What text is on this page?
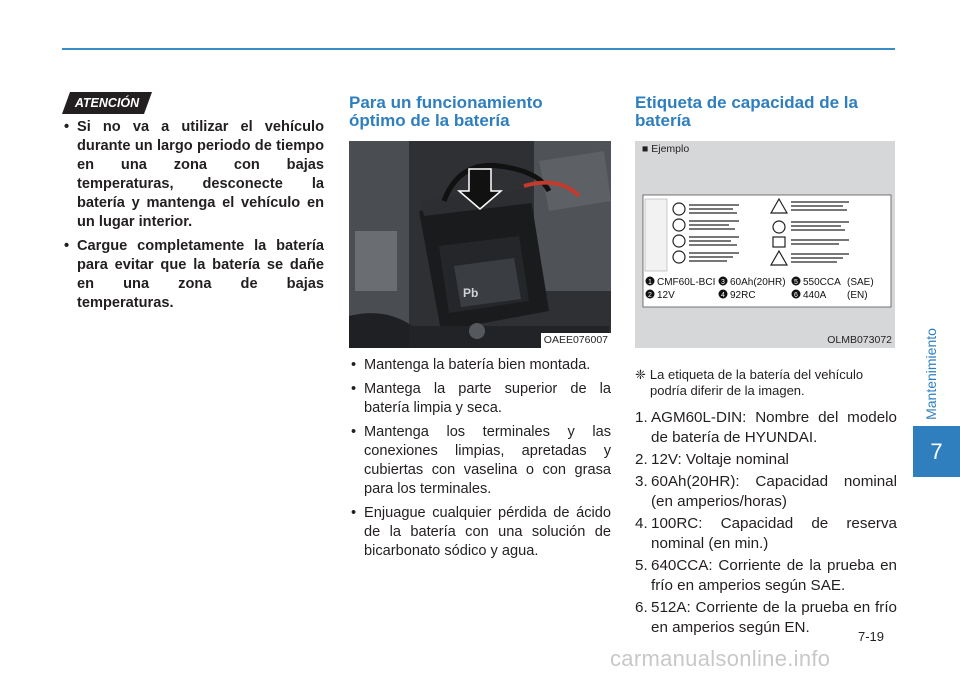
Mantenimiento
7
ATENCIÓN
• Si no va a utilizar el vehículo durante un largo periodo de tiempo en una zona con bajas temperaturas, desconecte la batería y mantenga el vehículo en un lugar interior.
• Cargue completamente la batería para evitar que la batería se dañe en una zona de bajas temperaturas.
Para un funcionamiento
óptimo de la batería
Pb
OAEE076007
• Mantenga la batería bien montada.
• Mantega la parte superior de la batería limpia y seca.
• Mantenga los terminales y las conexiones limpias, apretadas y cubiertas con vaselina o con grasa para los terminales.
• Enjuague cualquier pérdida de ácido de la batería con una solución de bicarbonato sódico y agua.
Etiqueta de capacidad de la
batería
■ Ejemplo
1 CMF60L-BCI 3 60Ah(20HR) 5 550CCA (SAE)
2 12V	4 92RC	6 440A (EN)
OLMB073072
❈ La etiqueta de la batería del vehículo
podría diferir de la imagen.
1. AGM60L-DIN: Nombre del modelo de batería de HYUNDAI.
2. 12V: Voltaje nominal
3. 60Ah(20HR): Capacidad nominal (en amperios/horas)
4. 100RC: Capacidad de reserva nominal (en min.)
5. 640CCA: Corriente de la prueba en frío en amperios según SAE.
6. 512A: Corriente de la prueba en frío en amperios según EN.
7-19
carmanualsonline.info
